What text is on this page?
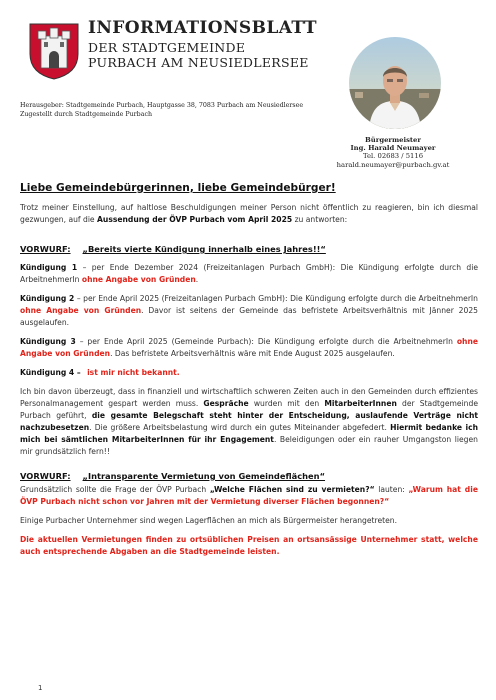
INFORMATIONSBLATT
DER STADTGEMEINDE
PURBACH AM NEUSIEDLERSEE
Herausgeber: Stadtgemeinde Purbach, Hauptgasse 38, 7083 Purbach am Neusiedlersee
Zugestellt durch Stadtgemeinde Purbach
Bürgermeister
Ing. Harald Neumayer
Tel. 02683 / 5116
harald.neumayer@purbach.gv.at
Liebe Gemeindebürgerinnen, liebe Gemeindebürger!

Trotz meiner Einstellung, auf haltlose Beschuldigungen meiner Person nicht öffentlich zu reagieren, bin ich diesmal gezwungen, auf die Aussendung der ÖVP Purbach vom April 2025 zu antworten:

VORWURF: „Bereits vierte Kündigung innerhalb eines Jahres!!“

Kündigung 1 – per Ende Dezember 2024 (Freizeitanlagen Purbach GmbH): Die Kündigung erfolgte durch die ArbeitnehmerIn ohne Angabe von Gründen.

Kündigung 2 – per Ende April 2025 (Freizeitanlagen Purbach GmbH): Die Kündigung erfolgte durch die ArbeitnehmerIn ohne Angabe von Gründen. Davor ist seitens der Gemeinde das befristete Arbeitsverhältnis mit Jänner 2025 ausgelaufen.

Kündigung 3 – per Ende April 2025 (Gemeinde Purbach): Die Kündigung erfolgte durch die ArbeitnehmerIn ohne Angabe von Gründen. Das befristete Arbeitsverhältnis wäre mit Ende August 2025 ausgelaufen.

Kündigung 4 – ist mir nicht bekannt.

Ich bin davon überzeugt, dass in finanziell und wirtschaftlich schweren Zeiten auch in den Gemeinden durch effizientes Personalmanagement gespart werden muss. Gespräche wurden mit den MitarbeiterInnen der Stadtgemeinde Purbach geführt, die gesamte Belegschaft steht hinter der Entscheidung, auslaufende Verträge nicht nachzubesetzen. Die größere Arbeitsbelastung wird durch ein gutes Miteinander abgefedert. Hiermit bedanke ich mich bei sämtlichen MitarbeiterInnen für ihr Engagement. Beleidigungen oder ein rauher Umgangston liegen mir grundsätzlich fern!!

VORWURF: „Intransparente Vermietung von Gemeindeflächen“

Grundsätzlich sollte die Frage der ÖVP Purbach „Welche Flächen sind zu vermieten?“ lauten: „Warum hat die ÖVP Purbach nicht schon vor Jahren mit der Vermietung diverser Flächen begonnen?“

Einige Purbacher Unternehmer sind wegen Lagerflächen an mich als Bürgermeister herangetreten.

Die aktuellen Vermietungen finden zu ortsüblichen Preisen an ortsansässige Unternehmer statt, welche auch entsprechende Abgaben an die Stadtgemeinde leisten.

1
